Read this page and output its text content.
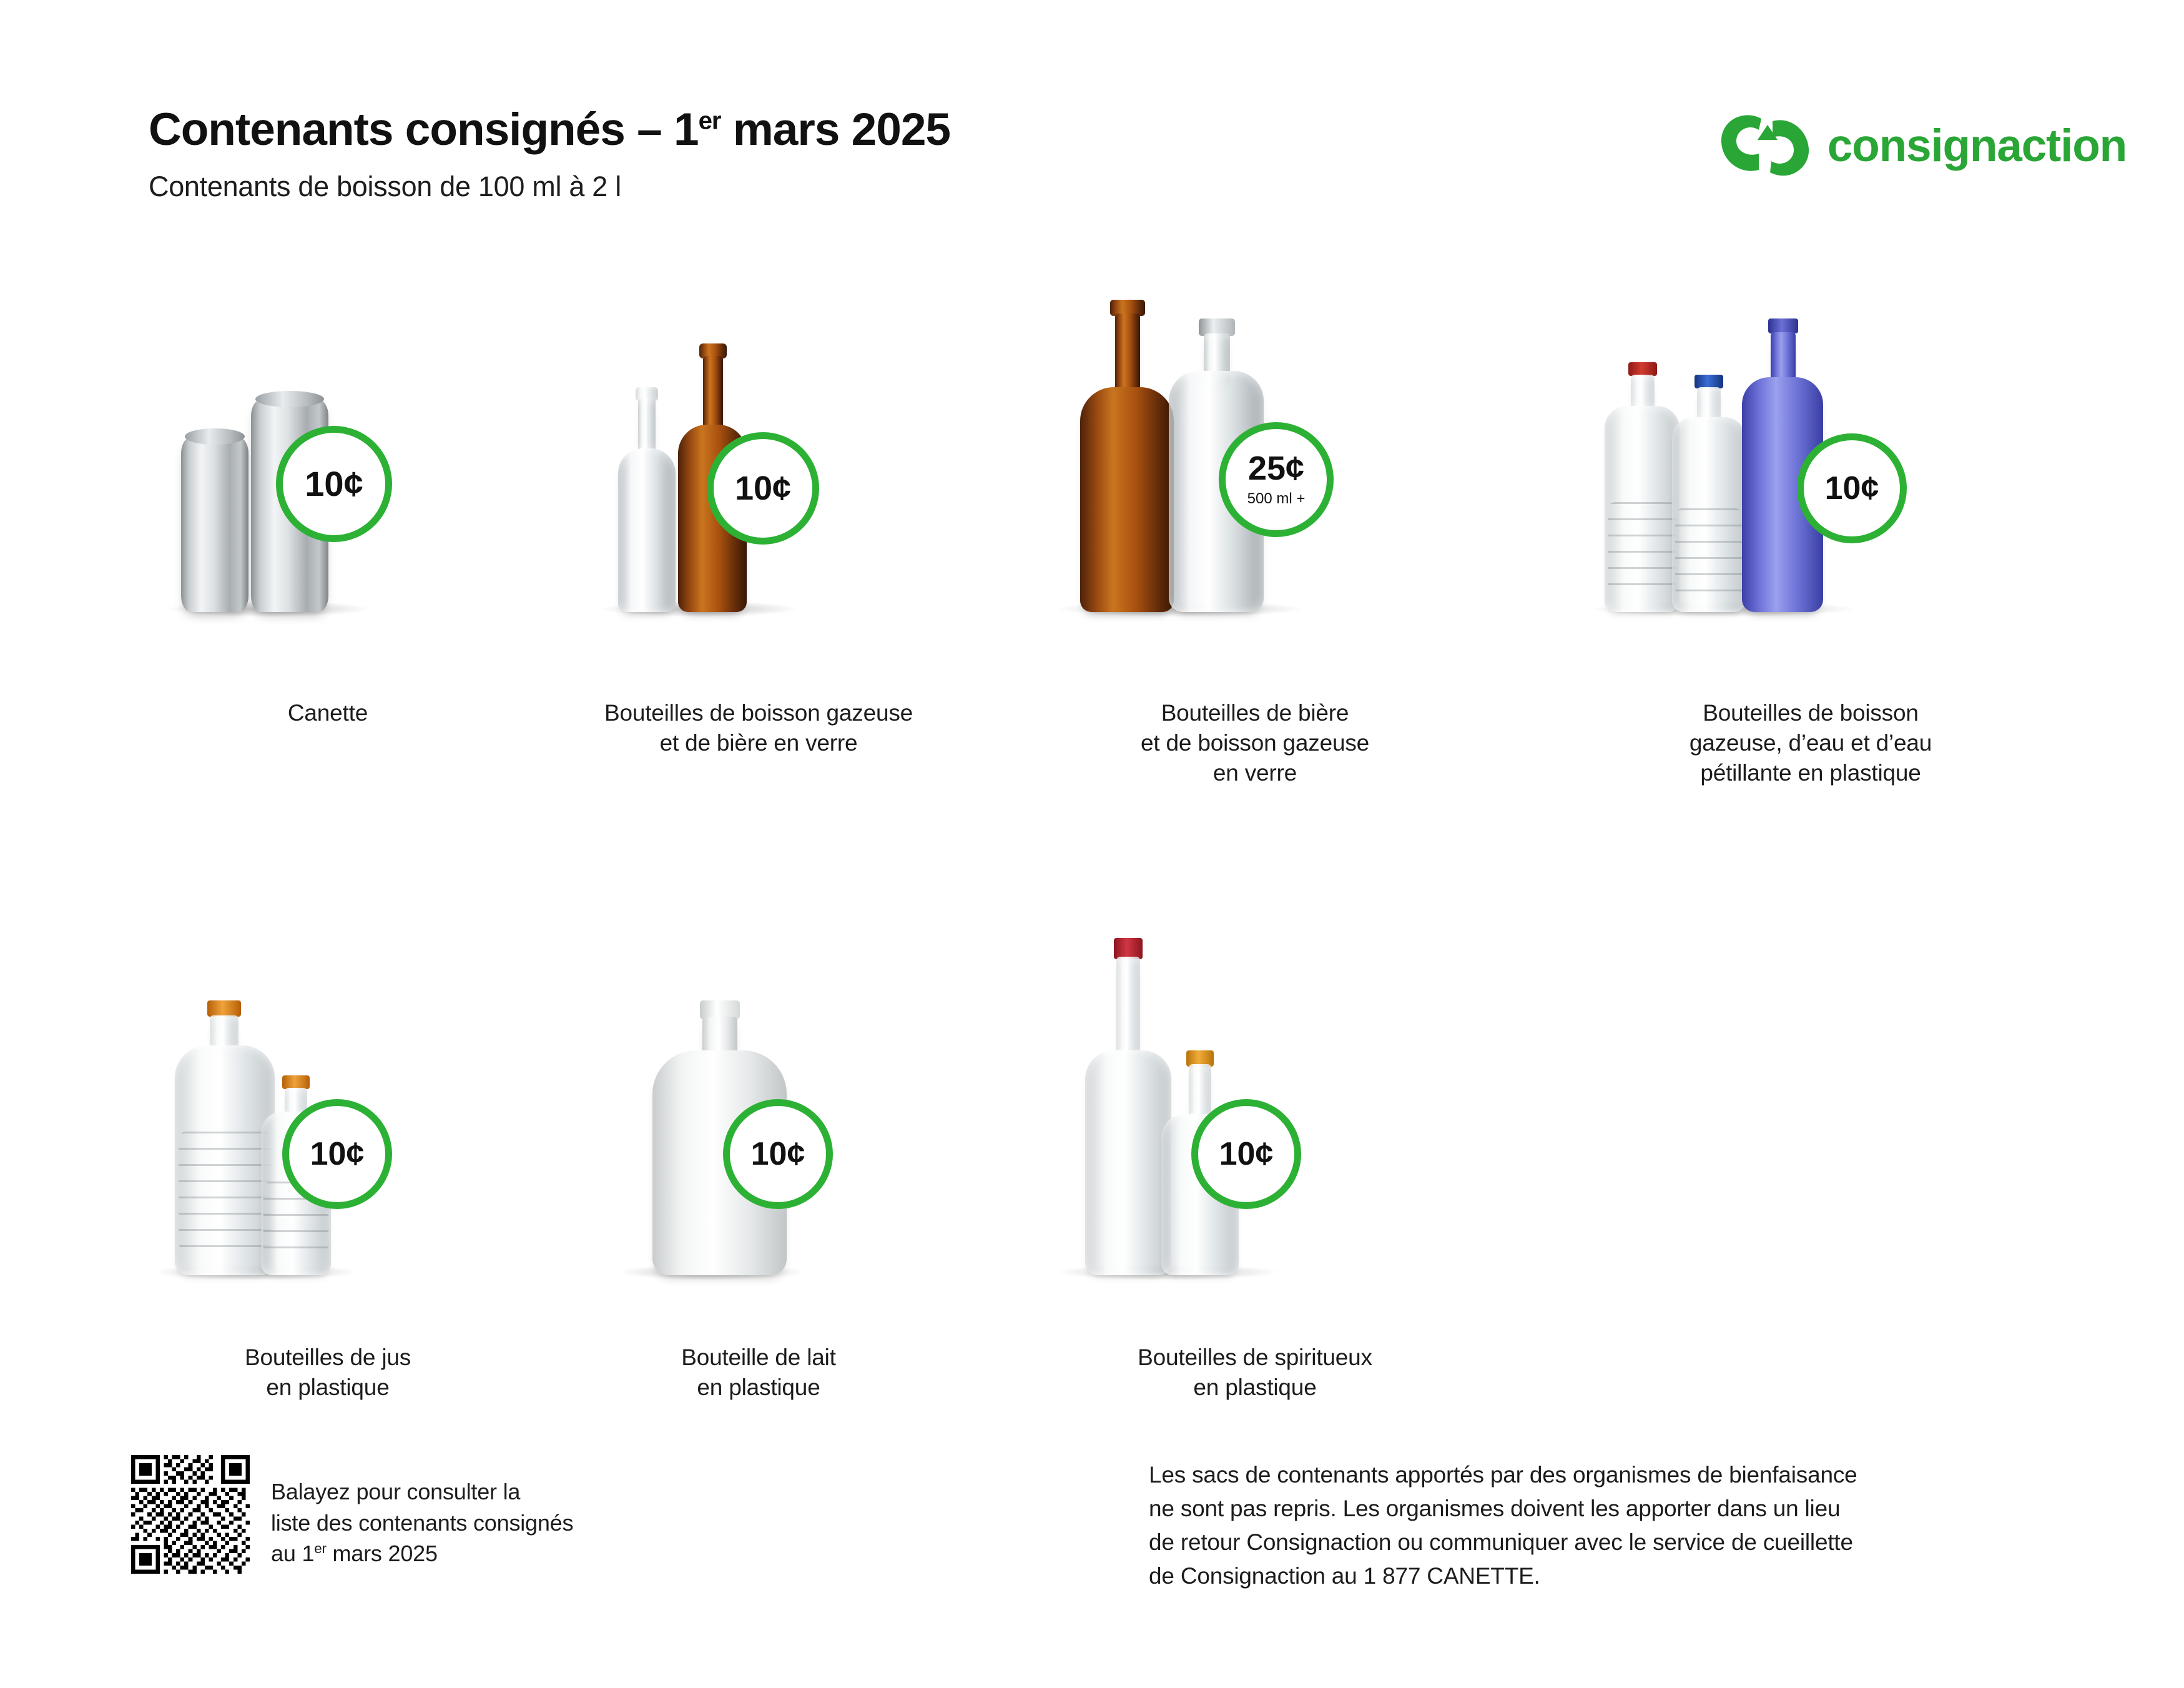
Contenants consignés – 1er mars 2025
Contenants de boisson de 100 ml à 2 l
consignaction
10¢
Canette
10¢
Bouteilles de boisson gazeuse
et de bière en verre
25¢
500 ml +
Bouteilles de bière
et de boisson gazeuse
en verre
10¢
Bouteilles de boisson
gazeuse, d’eau et d’eau
pétillante en plastique
10¢
Bouteilles de jus
en plastique
10¢
Bouteille de lait
en plastique
10¢
Bouteilles de spiritueux
en plastique
Balayez pour consulter la
liste des contenants consignés
au 1er mars 2025
Les sacs de contenants apportés par des organismes de bienfaisance
ne sont pas repris. Les organismes doivent les apporter dans un lieu
de retour Consignaction ou communiquer avec le service de cueillette
de Consignaction au 1 877 CANETTE.
